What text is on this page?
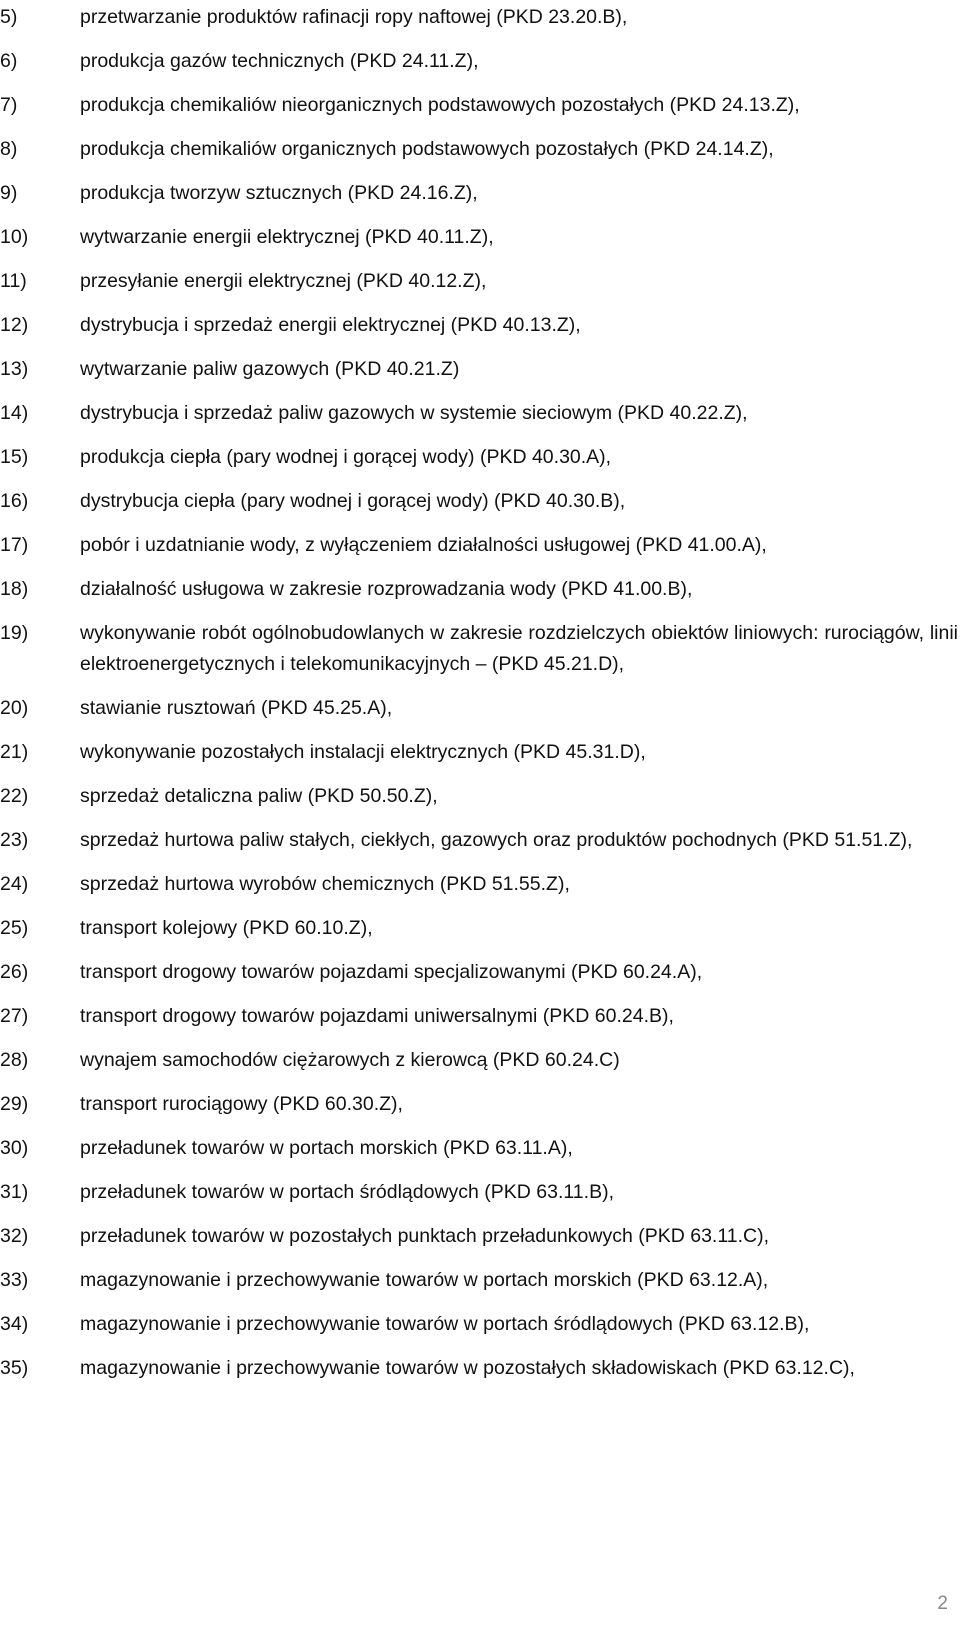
5)	przetwarzanie produktów rafinacji ropy naftowej (PKD 23.20.B),
6)	produkcja gazów technicznych (PKD 24.11.Z),
7)	produkcja chemikaliów nieorganicznych podstawowych pozostałych (PKD 24.13.Z),
8)	produkcja chemikaliów organicznych podstawowych pozostałych (PKD 24.14.Z),
9)	produkcja tworzyw sztucznych (PKD 24.16.Z),
10)	wytwarzanie energii elektrycznej (PKD 40.11.Z),
11)	przesyłanie energii elektrycznej (PKD 40.12.Z),
12)	dystrybucja i sprzedaż energii elektrycznej (PKD 40.13.Z),
13)	wytwarzanie paliw gazowych (PKD 40.21.Z)
14)	dystrybucja i sprzedaż paliw gazowych w systemie sieciowym (PKD 40.22.Z),
15)	produkcja ciepła (pary wodnej i gorącej wody) (PKD 40.30.A),
16)	dystrybucja ciepła (pary wodnej i gorącej wody) (PKD 40.30.B),
17)	pobór i uzdatnianie wody, z wyłączeniem działalności usługowej (PKD 41.00.A),
18)	działalność usługowa w zakresie rozprowadzania wody (PKD 41.00.B),
19)	wykonywanie robót ogólnobudowlanych w zakresie rozdzielczych obiektów liniowych: rurociągów, linii elektroenergetycznych i telekomunikacyjnych – (PKD 45.21.D),
20)	stawianie rusztowań (PKD 45.25.A),
21)	wykonywanie pozostałych instalacji elektrycznych (PKD 45.31.D),
22)	sprzedaż detaliczna paliw (PKD 50.50.Z),
23)	sprzedaż hurtowa paliw stałych, ciekłych, gazowych oraz produktów pochodnych (PKD 51.51.Z),
24)	sprzedaż hurtowa wyrobów chemicznych (PKD 51.55.Z),
25)	transport kolejowy (PKD 60.10.Z),
26)	transport drogowy towarów pojazdami specjalizowanymi (PKD 60.24.A),
27)	transport drogowy towarów pojazdami uniwersalnymi (PKD 60.24.B),
28)	wynajem samochodów ciężarowych z kierowcą (PKD 60.24.C)
29)	transport rurociągowy (PKD 60.30.Z),
30)	przeładunek towarów w portach morskich (PKD 63.11.A),
31)	przeładunek towarów w portach śródlądowych (PKD 63.11.B),
32)	przeładunek towarów w pozostałych punktach przeładunkowych (PKD 63.11.C),
33)	magazynowanie i przechowywanie towarów w portach morskich (PKD 63.12.A),
34)	magazynowanie i przechowywanie towarów w portach śródlądowych (PKD 63.12.B),
35)	magazynowanie i przechowywanie towarów w pozostałych składowiskach (PKD 63.12.C),
2
